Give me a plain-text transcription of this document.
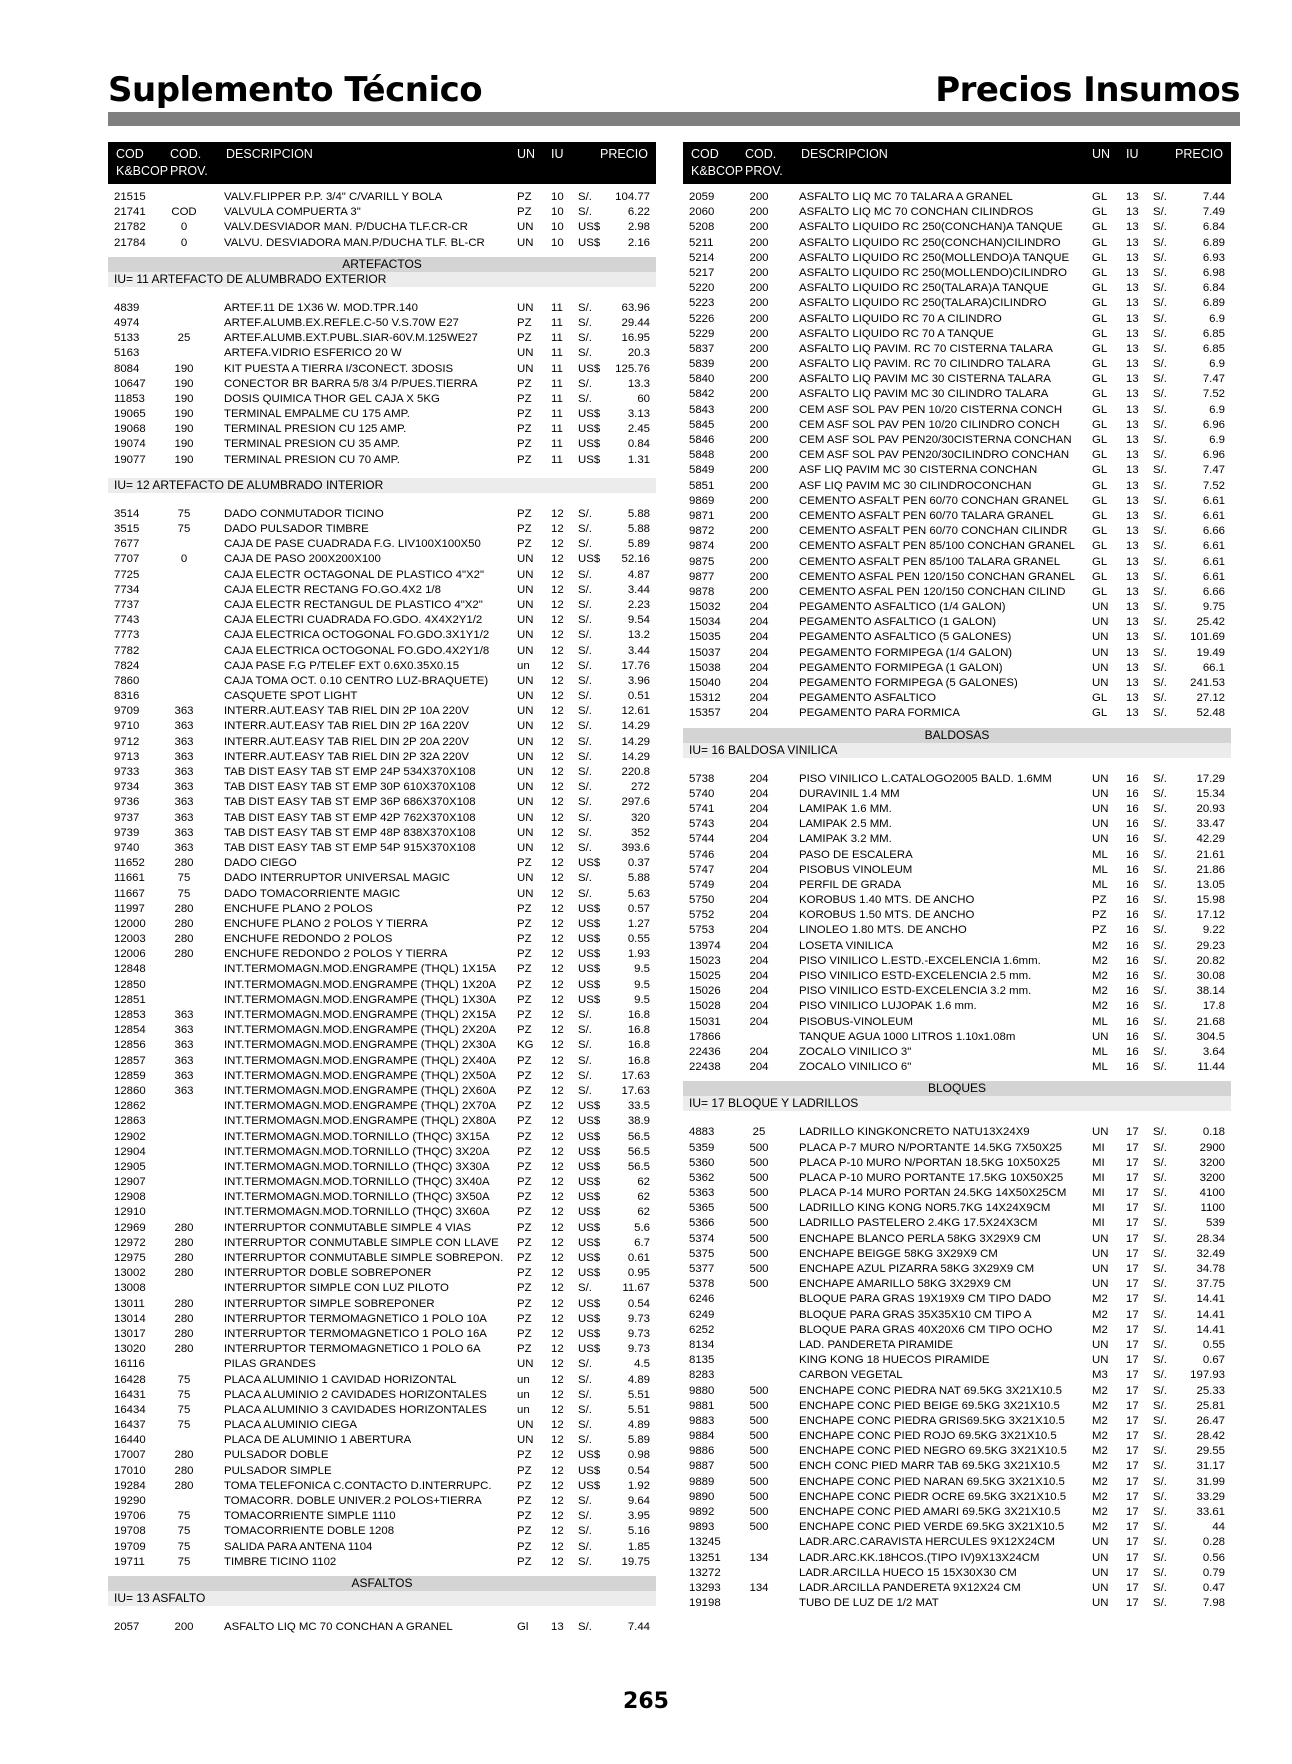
Suplemento Técnico	Precios Insumos
COD
K&BCOP
COD.
PROV.
DESCRIPCION	UN IU	PRECIO
21515	VALV.FLIPPER P.P. 3/4" C/VARILL Y BOLA	PZ 10 S/. 104.77
21741 COD VALVULA COMPUERTA 3"	PZ 10 S/.	6.22
21782	0	VALV.DESVIADOR MAN. P/DUCHA TLF.CR-CR	UN 10 US$ 2.98
21784	0	VALVU. DESVIADORA MAN.P/DUCHA TLF. BL-CR	UN 10 US$ 2.16
ARTEFACTOS
IU= 11 ARTEFACTO DE ALUMBRADO EXTERIOR
4839	ARTEF.11 DE 1X36 W. MOD.TPR.140	UN 11 S/.	63.96
4974	ARTEF.ALUMB.EX.REFLE.C-50 V.S.70W E27	PZ 11 S/.	29.44
5133	25	ARTEF.ALUMB.EXT.PUBL.SIAR-60V.M.125WE27	PZ 11 S/.	16.95
5163	ARTEFA.VIDRIO ESFERICO 20 W	UN 11 S/.	20.3
8084	190	KIT PUESTA A TIERRA I/3CONECT. 3DOSIS	UN 11 US$ 125.76
10647	190	CONECTOR BR BARRA 5/8 3/4 P/PUES.TIERRA	PZ 11 S/.	13.3
11853	190	DOSIS QUIMICA THOR GEL CAJA X 5KG	PZ 11 S/.	60
19065	190	TERMINAL EMPALME CU 175 AMP.	PZ 11 US$ 3.13
19068	190	TERMINAL PRESION CU 125 AMP.	PZ 11 US$ 2.45
19074	190	TERMINAL PRESION CU 35 AMP.	PZ 11 US$ 0.84
19077	190	TERMINAL PRESION CU 70 AMP.	PZ 11 US$ 1.31
IU= 12 ARTEFACTO DE ALUMBRADO INTERIOR
3514	75	DADO CONMUTADOR TICINO	PZ 12 S/.	5.88
3515	75	DADO PULSADOR TIMBRE	PZ 12 S/.	5.88
7677	CAJA DE PASE CUADRADA F.G. LIV100X100X50	PZ 12 S/.	5.89
7707	0	CAJA DE PASO 200X200X100	UN 12 US$ 52.16
7725	CAJA ELECTR OCTAGONAL DE PLASTICO 4"X2"	UN 12 S/.	4.87
7734	CAJA ELECTR RECTANG FO.GO.4X2 1/8	UN 12 S/.	3.44
7737	CAJA ELECTR RECTANGUL DE PLASTICO 4"X2"	UN 12 S/.	2.23
7743	CAJA ELECTRI CUADRADA FO.GDO. 4X4X2Y1/2	UN 12 S/.	9.54
7773	CAJA ELECTRICA OCTOGONAL FO.GDO.3X1Y1/2 UN 12 S/.	13.2
7782	CAJA ELECTRICA OCTOGONAL FO.GDO.4X2Y1/8 UN 12 S/.	3.44
7824	CAJA PASE F.G P/TELEF EXT 0.6X0.35X0.15	un 12 S/.	17.76
7860	CAJA TOMA OCT. 0.10 CENTRO LUZ-BRAQUETE)	UN 12 S/.	3.96
8316	CASQUETE SPOT LIGHT	UN 12 S/.	0.51
9709	363	INTERR.AUT.EASY TAB RIEL DIN 2P 10A 220V	UN 12 S/.	12.61
9710	363	INTERR.AUT.EASY TAB RIEL DIN 2P 16A 220V	UN 12 S/.	14.29
9712	363	INTERR.AUT.EASY TAB RIEL DIN 2P 20A 220V	UN 12 S/.	14.29
9713	363	INTERR.AUT.EASY TAB RIEL DIN 2P 32A 220V	UN 12 S/.	14.29
9733	363	TAB DIST EASY TAB ST EMP 24P 534X370X108	UN 12 S/.	220.8
9734	363	TAB DIST EASY TAB ST EMP 30P 610X370X108	UN 12 S/.	272
9736	363	TAB DIST EASY TAB ST EMP 36P 686X370X108	UN 12 S/.	297.6
9737	363	TAB DIST EASY TAB ST EMP 42P 762X370X108	UN 12 S/.	320
9739	363	TAB DIST EASY TAB ST EMP 48P 838X370X108	UN 12 S/.	352
9740	363	TAB DIST EASY TAB ST EMP 54P 915X370X108	UN 12 S/.	393.6
11652	280	DADO CIEGO	PZ 12 US$ 0.37
11661	75	DADO INTERRUPTOR UNIVERSAL MAGIC	UN 12 S/.	5.88
11667	75	DADO TOMACORRIENTE MAGIC	UN 12 S/.	5.63
11997	280	ENCHUFE PLANO 2 POLOS	PZ 12 US$ 0.57
12000	280	ENCHUFE PLANO 2 POLOS Y TIERRA	PZ 12 US$ 1.27
12003	280	ENCHUFE REDONDO 2 POLOS	PZ 12 US$ 0.55
12006	280	ENCHUFE REDONDO 2 POLOS Y TIERRA	PZ 12 US$ 1.93
12848	INT.TERMOMAGN.MOD.ENGRAMPE (THQL) 1X15A PZ 12 US$	9.5
12850	INT.TERMOMAGN.MOD.ENGRAMPE (THQL) 1X20A PZ 12 US$	9.5
12851	INT.TERMOMAGN.MOD.ENGRAMPE (THQL) 1X30A PZ 12 US$	9.5
12853	363	INT.TERMOMAGN.MOD.ENGRAMPE (THQL) 2X15A PZ 12 S/.	16.8
12854	363	INT.TERMOMAGN.MOD.ENGRAMPE (THQL) 2X20A PZ 12 S/.	16.8
12856	363	INT.TERMOMAGN.MOD.ENGRAMPE (THQL) 2X30A KG 12 S/.	16.8
12857	363	INT.TERMOMAGN.MOD.ENGRAMPE (THQL) 2X40A PZ 12 S/.	16.8
12859	363	INT.TERMOMAGN.MOD.ENGRAMPE (THQL) 2X50A PZ 12 S/.	17.63
12860	363	INT.TERMOMAGN.MOD.ENGRAMPE (THQL) 2X60A PZ 12 S/.	17.63
12862	INT.TERMOMAGN.MOD.ENGRAMPE (THQL) 2X70A PZ 12 US$ 33.5
12863	INT.TERMOMAGN.MOD.ENGRAMPE (THQL) 2X80A PZ 12 US$ 38.9
12902	INT.TERMOMAGN.MOD.TORNILLO (THQC) 3X15A PZ 12 US$ 56.5
12904	INT.TERMOMAGN.MOD.TORNILLO (THQC) 3X20A PZ 12 US$ 56.5
12905	INT.TERMOMAGN.MOD.TORNILLO (THQC) 3X30A PZ 12 US$ 56.5
12907	INT.TERMOMAGN.MOD.TORNILLO (THQC) 3X40A PZ 12 US$	62
12908	INT.TERMOMAGN.MOD.TORNILLO (THQC) 3X50A PZ 12 US$	62
12910	INT.TERMOMAGN.MOD.TORNILLO (THQC) 3X60A PZ 12 US$	62
12969	280	INTERRUPTOR CONMUTABLE SIMPLE 4 VIAS	PZ 12 US$	5.6
12972	280	INTERRUPTOR CONMUTABLE SIMPLE CON LLAVE PZ 12 US$	6.7
12975	280	INTERRUPTOR CONMUTABLE SIMPLE SOBREPON. PZ 12 US$ 0.61
13002	280	INTERRUPTOR DOBLE SOBREPONER	PZ 12 US$ 0.95
13008	INTERRUPTOR SIMPLE CON LUZ PILOTO	PZ 12 S/.	11.67
13011	280	INTERRUPTOR SIMPLE SOBREPONER	PZ 12 US$ 0.54
13014	280	INTERRUPTOR TERMOMAGNETICO 1 POLO 10A	PZ 12 US$ 9.73
13017	280	INTERRUPTOR TERMOMAGNETICO 1 POLO 16A	PZ 12 US$ 9.73
13020	280	INTERRUPTOR TERMOMAGNETICO 1 POLO 6A	PZ 12 US$ 9.73
16116	PILAS GRANDES	UN 12 S/.	4.5
16428	75	PLACA ALUMINIO 1 CAVIDAD HORIZONTAL	un 12 S/.	4.89
16431	75	PLACA ALUMINIO 2 CAVIDADES HORIZONTALES	un 12 S/.	5.51
16434	75	PLACA ALUMINIO 3 CAVIDADES HORIZONTALES	un 12 S/.	5.51
16437	75	PLACA ALUMINIO CIEGA	UN 12 S/.	4.89
16440	PLACA DE ALUMINIO 1 ABERTURA	UN 12 S/.	5.89
17007	280	PULSADOR DOBLE	PZ 12 US$ 0.98
17010	280	PULSADOR SIMPLE	PZ 12 US$ 0.54
19284	280	TOMA TELEFONICA C.CONTACTO D.INTERRUPC. PZ 12 US$ 1.92
19290	TOMACORR. DOBLE UNIVER.2 POLOS+TIERRA	PZ 12 S/.	9.64
19706	75	TOMACORRIENTE SIMPLE 1110	PZ 12 S/.	3.95
19708	75	TOMACORRIENTE DOBLE 1208	PZ 12 S/.	5.16
19709	75	SALIDA PARA ANTENA 1104	PZ 12 S/.	1.85
19711	75	TIMBRE TICINO 1102	PZ 12 S/.	19.75
ASFALTOS
IU= 13 ASFALTO
2057	200	ASFALTO LIQ MC 70 CONCHAN A GRANEL	Gl 13 S/.	7.44
COD
K&BCOP
COD.
PROV.
DESCRIPCION	UN IU	PRECIO
2059	200	ASFALTO LIQ MC 70 TALARA A GRANEL	GL 13 S/.	7.44
2060	200	ASFALTO LIQ MC 70 CONCHAN CILINDROS	GL 13 S/.	7.49
5208	200	ASFALTO LIQUIDO RC 250(CONCHAN)A TANQUE	GL 13 S/.	6.84
5211	200	ASFALTO LIQUIDO RC 250(CONCHAN)CILINDRO	GL 13 S/.	6.89
5214	200	ASFALTO LIQUIDO RC 250(MOLLENDO)A TANQUE GL 13 S/.	6.93
5217	200	ASFALTO LIQUIDO RC 250(MOLLENDO)CILINDRO GL 13 S/.	6.98
5220	200	ASFALTO LIQUIDO RC 250(TALARA)A TANQUE	GL 13 S/.	6.84
5223	200	ASFALTO LIQUIDO RC 250(TALARA)CILINDRO	GL 13 S/.	6.89
5226	200	ASFALTO LIQUIDO RC 70 A CILINDRO	GL 13 S/.	6.9
5229	200	ASFALTO LIQUIDO RC 70 A TANQUE	GL 13 S/.	6.85
5837	200	ASFALTO LIQ PAVIM. RC 70 CISTERNA TALARA	GL 13 S/.	6.85
5839	200	ASFALTO LIQ PAVIM. RC 70 CILINDRO TALARA	GL 13 S/.	6.9
5840	200	ASFALTO LIQ PAVIM MC 30 CISTERNA TALARA	GL 13 S/.	7.47
5842	200	ASFALTO LIQ PAVIM MC 30 CILINDRO TALARA	GL 13 S/.	7.52
5843	200	CEM ASF SOL PAV PEN 10/20 CISTERNA CONCH	GL 13 S/.	6.9
5845	200	CEM ASF SOL PAV PEN 10/20 CILINDRO CONCH	GL 13 S/.	6.96
5846	200	CEM ASF SOL PAV PEN20/30CISTERNA CONCHAN GL 13 S/.	6.9
5848	200	CEM ASF SOL PAV PEN20/30CILINDRO CONCHAN GL 13 S/.	6.96
5849	200	ASF LIQ PAVIM MC 30 CISTERNA CONCHAN	GL 13 S/.	7.47
5851	200	ASF LIQ PAVIM MC 30 CILINDROCONCHAN	GL 13 S/.	7.52
9869	200	CEMENTO ASFALT PEN 60/70 CONCHAN GRANEL GL 13 S/.	6.61
9871	200	CEMENTO ASFALT PEN 60/70 TALARA GRANEL	GL 13 S/.	6.61
9872	200	CEMENTO ASFALT PEN 60/70 CONCHAN CILINDR GL 13 S/.	6.66
9874	200	CEMENTO ASFALT PEN 85/100 CONCHAN GRANEL GL 13 S/.	6.61
9875	200	CEMENTO ASFALT PEN 85/100 TALARA GRANEL	GL 13 S/.	6.61
9877	200	CEMENTO ASFAL PEN 120/150 CONCHAN GRANEL GL 13 S/.	6.61
9878	200	CEMENTO ASFAL PEN 120/150 CONCHAN CILIND GL 13 S/.	6.66
15032	204	PEGAMENTO ASFALTICO (1/4 GALON)	UN 13 S/.	9.75
15034	204	PEGAMENTO ASFALTICO (1 GALON)	UN 13 S/.	25.42
15035	204	PEGAMENTO ASFALTICO (5 GALONES)	UN 13 S/. 101.69
15037	204	PEGAMENTO FORMIPEGA (1/4 GALON)	UN 13 S/.	19.49
15038	204	PEGAMENTO FORMIPEGA (1 GALON)	UN 13 S/.	66.1
15040	204	PEGAMENTO FORMIPEGA (5 GALONES)	UN 13 S/. 241.53
15312	204	PEGAMENTO ASFALTICO	GL 13 S/.	27.12
15357	204	PEGAMENTO PARA FORMICA	GL 13 S/.	52.48
BALDOSAS
IU= 16 BALDOSA VINILICA
5738	204	PISO VINILICO L.CATALOGO2005 BALD. 1.6MM	UN 16 S/.	17.29
5740	204	DURAVINIL 1.4 MM	UN 16 S/.	15.34
5741	204	LAMIPAK 1.6 MM.	UN 16 S/.	20.93
5743	204	LAMIPAK 2.5 MM.	UN 16 S/.	33.47
5744	204	LAMIPAK 3.2 MM.	UN 16 S/.	42.29
5746	204	PASO DE ESCALERA	ML 16 S/.	21.61
5747	204	PISOBUS VINOLEUM	ML 16 S/.	21.86
5749	204	PERFIL DE GRADA	ML 16 S/.	13.05
5750	204	KOROBUS 1.40 MTS. DE ANCHO	PZ 16 S/.	15.98
5752	204	KOROBUS 1.50 MTS. DE ANCHO	PZ 16 S/.	17.12
5753	204	LINOLEO 1.80 MTS. DE ANCHO	PZ 16 S/.	9.22
13974	204	LOSETA VINILICA	M2 16 S/.	29.23
15023	204	PISO VINILICO L.ESTD.-EXCELENCIA 1.6mm.	M2 16 S/.	20.82
15025	204	PISO VINILICO ESTD-EXCELENCIA 2.5 mm.	M2 16 S/.	30.08
15026	204	PISO VINILICO ESTD-EXCELENCIA 3.2 mm.	M2 16 S/.	38.14
15028	204	PISO VINILICO LUJOPAK 1.6 mm.	M2 16 S/.	17.8
15031	204	PISOBUS-VINOLEUM	ML 16 S/.	21.68
17866	TANQUE AGUA 1000 LITROS 1.10x1.08m	UN 16 S/.	304.5
22436	204	ZOCALO VINILICO 3"	ML 16 S/.	3.64
22438	204	ZOCALO VINILICO 6"	ML 16 S/.	11.44
BLOQUES
IU= 17 BLOQUE Y LADRILLOS
4883	25	LADRILLO KINGKONCRETO NATU13X24X9	UN 17 S/.	0.18
5359	500	PLACA P-7 MURO N/PORTANTE 14.5KG 7X50X25	MI 17 S/.	2900
5360	500	PLACA P-10 MURO N/PORTAN 18.5KG 10X50X25	MI 17 S/.	3200
5362	500	PLACA P-10 MURO PORTANTE 17.5KG 10X50X25	MI 17 S/.	3200
5363	500	PLACA P-14 MURO PORTAN 24.5KG 14X50X25CM MI 17 S/.	4100
5365	500	LADRILLO KING KONG NOR5.7KG 14X24X9CM	MI 17 S/.	1100
5366	500	LADRILLO PASTELERO 2.4KG 17.5X24X3CM	MI 17 S/.	539
5374	500	ENCHAPE BLANCO PERLA 58KG 3X29X9 CM	UN 17 S/.	28.34
5375	500	ENCHAPE BEIGGE 58KG 3X29X9 CM	UN 17 S/.	32.49
5377	500	ENCHAPE AZUL PIZARRA 58KG 3X29X9 CM	UN 17 S/.	34.78
5378	500	ENCHAPE AMARILLO 58KG 3X29X9 CM	UN 17 S/.	37.75
6246	BLOQUE PARA GRAS 19X19X9 CM TIPO DADO	M2 17 S/.	14.41
6249	BLOQUE PARA GRAS 35X35X10 CM TIPO A	M2 17 S/.	14.41
6252	BLOQUE PARA GRAS 40X20X6 CM TIPO OCHO	M2 17 S/.	14.41
8134	LAD. PANDERETA PIRAMIDE	UN 17 S/.	0.55
8135	KING KONG 18 HUECOS PIRAMIDE	UN 17 S/.	0.67
8283	CARBON VEGETAL	M3 17 S/. 197.93
9880	500	ENCHAPE CONC PIEDRA NAT 69.5KG 3X21X10.5	M2 17 S/.	25.33
9881	500	ENCHAPE CONC PIED BEIGE 69.5KG 3X21X10.5	M2 17 S/.	25.81
9883	500	ENCHAPE CONC PIEDRA GRIS69.5KG 3X21X10.5 M2 17 S/.	26.47
9884	500	ENCHAPE CONC PIED ROJO 69.5KG 3X21X10.5	M2 17 S/.	28.42
9886	500	ENCHAPE CONC PIED NEGRO 69.5KG 3X21X10.5 M2 17 S/.	29.55
9887	500	ENCH CONC PIED MARR TAB 69.5KG 3X21X10.5	M2 17 S/.	31.17
9889	500	ENCHAPE CONC PIED NARAN 69.5KG 3X21X10.5 M2 17 S/.	31.99
9890	500	ENCHAPE CONC PIEDR OCRE 69.5KG 3X21X10.5 M2 17 S/.	33.29
9892	500	ENCHAPE CONC PIED AMARI 69.5KG 3X21X10.5	M2 17 S/.	33.61
9893	500	ENCHAPE CONC PIED VERDE 69.5KG 3X21X10.5 M2 17 S/.	44
13245	LADR.ARC.CARAVISTA HERCULES 9X12X24CM	UN 17 S/.	0.28
13251	134	LADR.ARC.KK.18HCOS.(TIPO IV)9X13X24CM	UN 17 S/.	0.56
13272	LADR.ARCILLA HUECO 15 15X30X30 CM	UN 17 S/.	0.79
13293	134	LADR.ARCILLA PANDERETA 9X12X24 CM	UN 17 S/.	0.47
19198	TUBO DE LUZ DE 1/2 MAT	UN 17 S/.	7.98
265
